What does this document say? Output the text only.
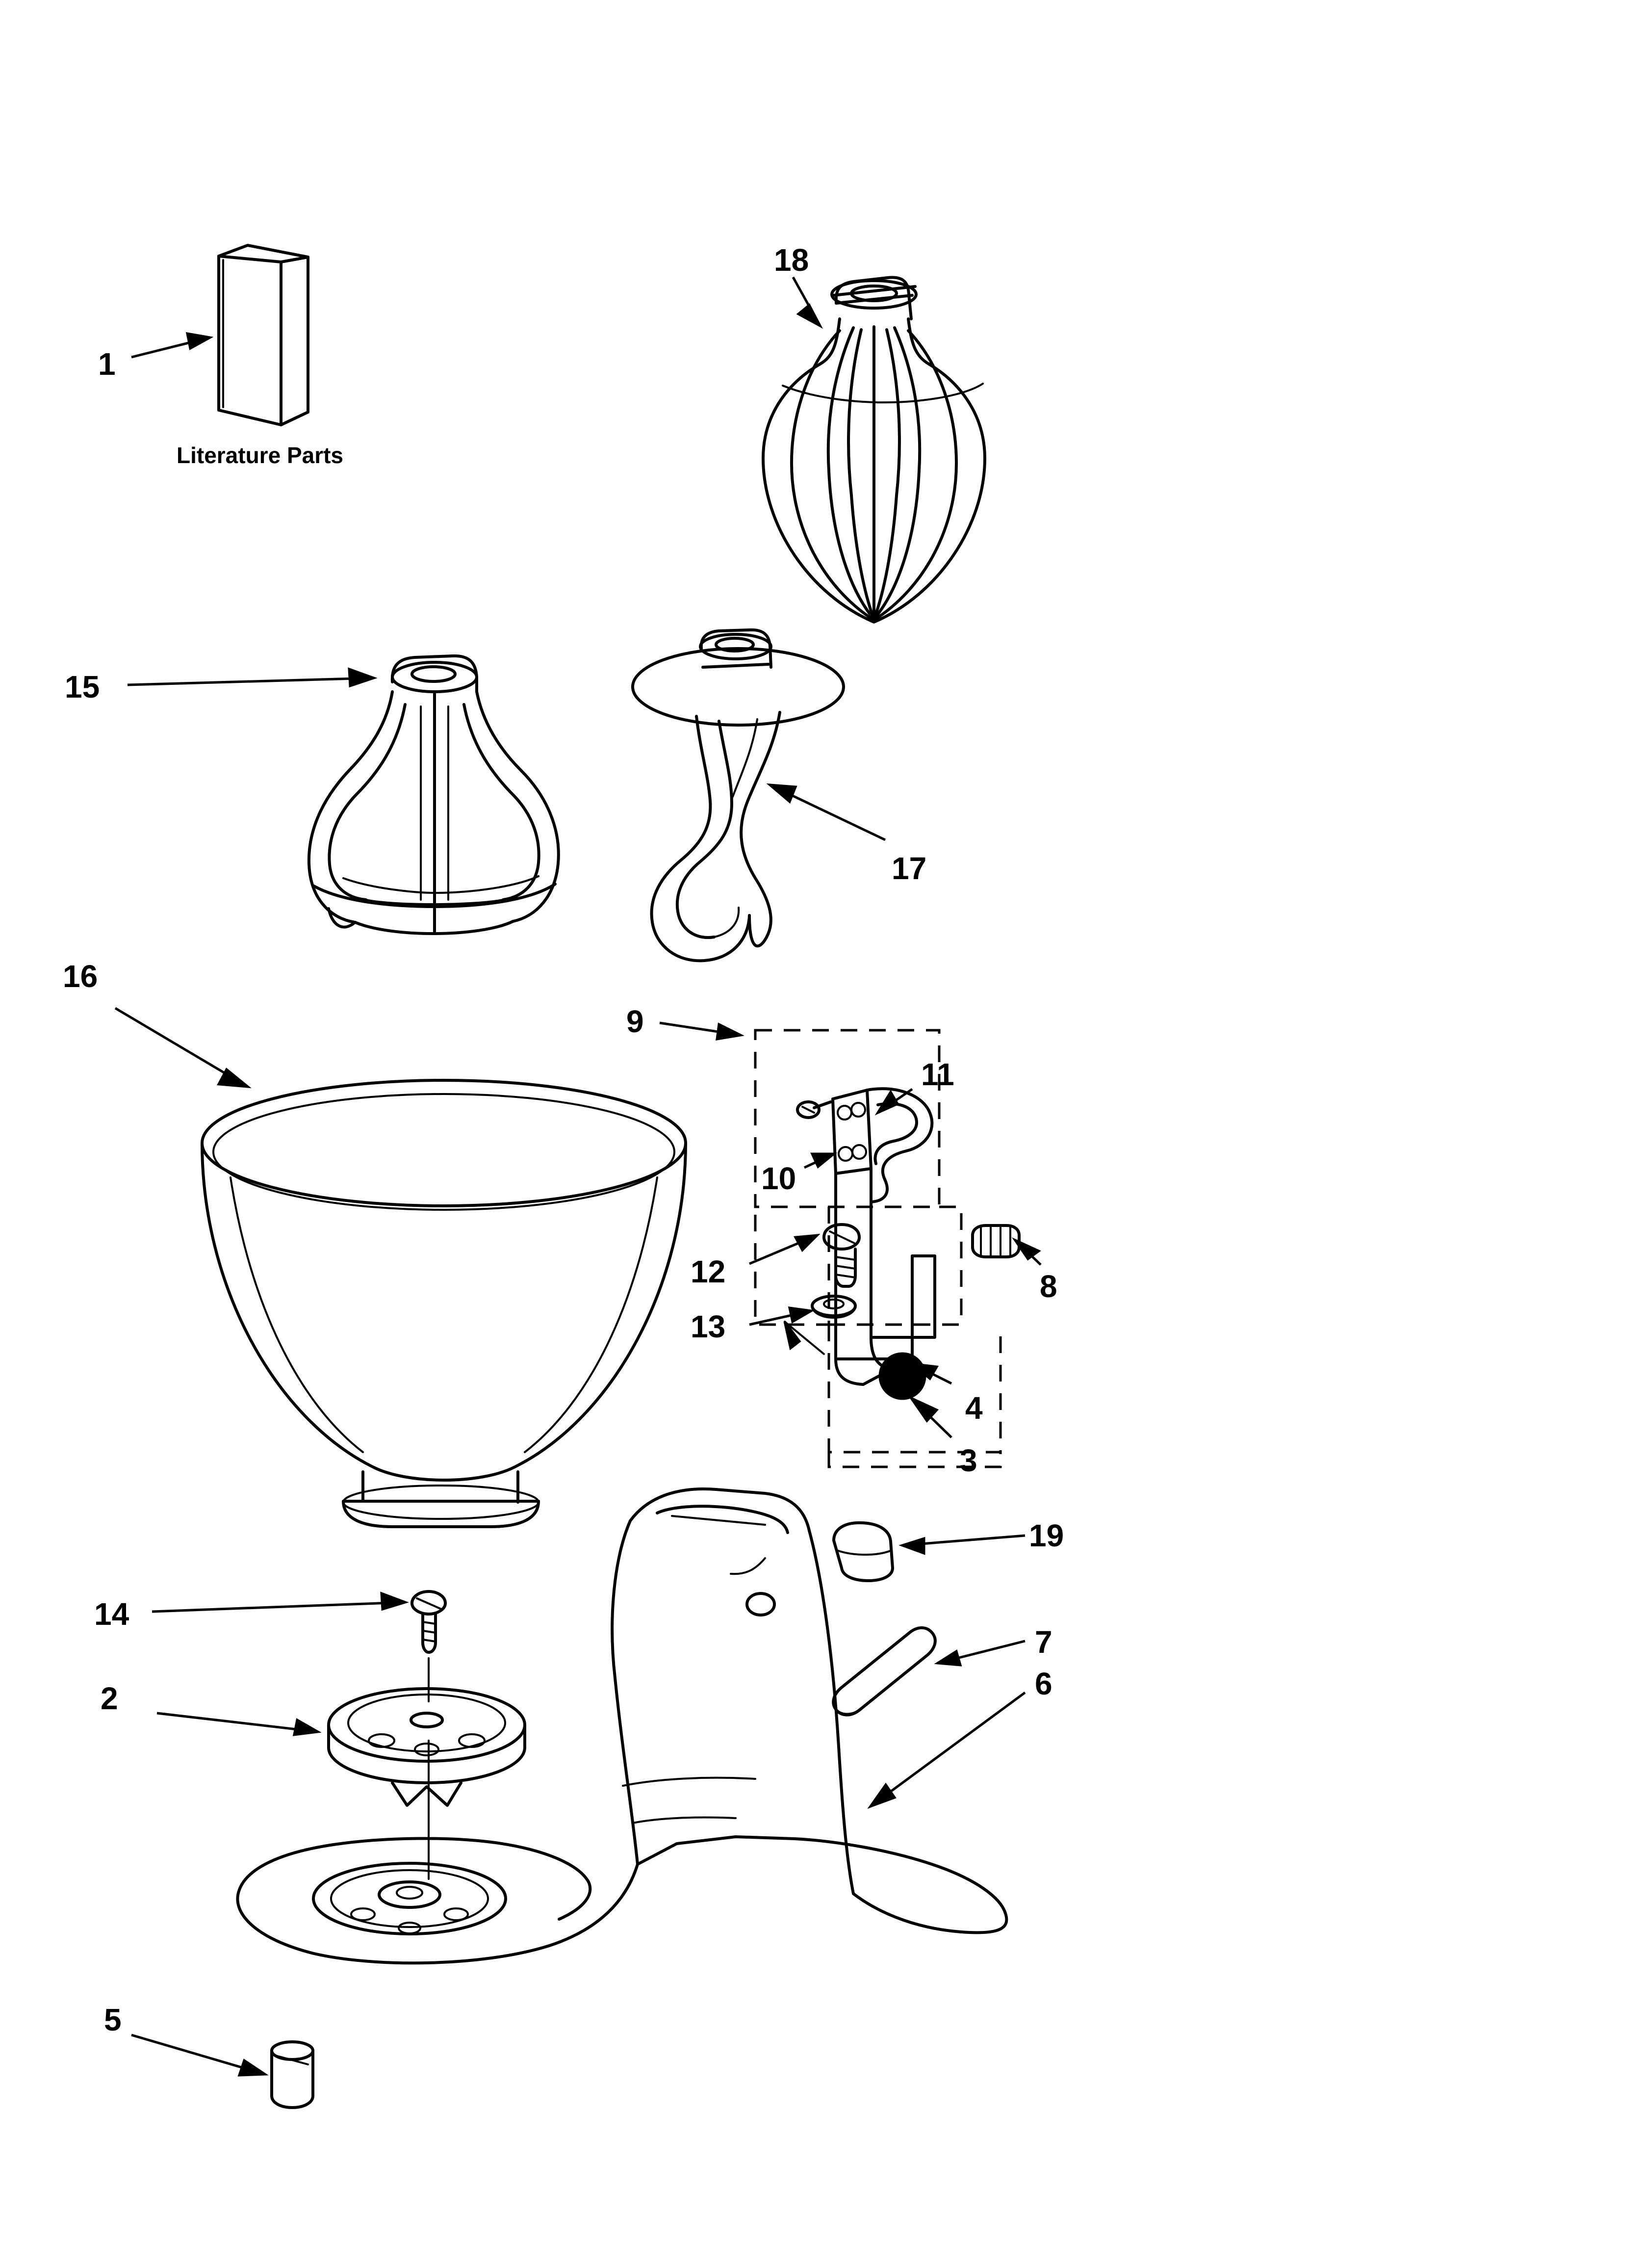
1
2
3
4
5
6
7
8
9
10
11
12
13
14
15
16
17
18
19
Literature Parts
